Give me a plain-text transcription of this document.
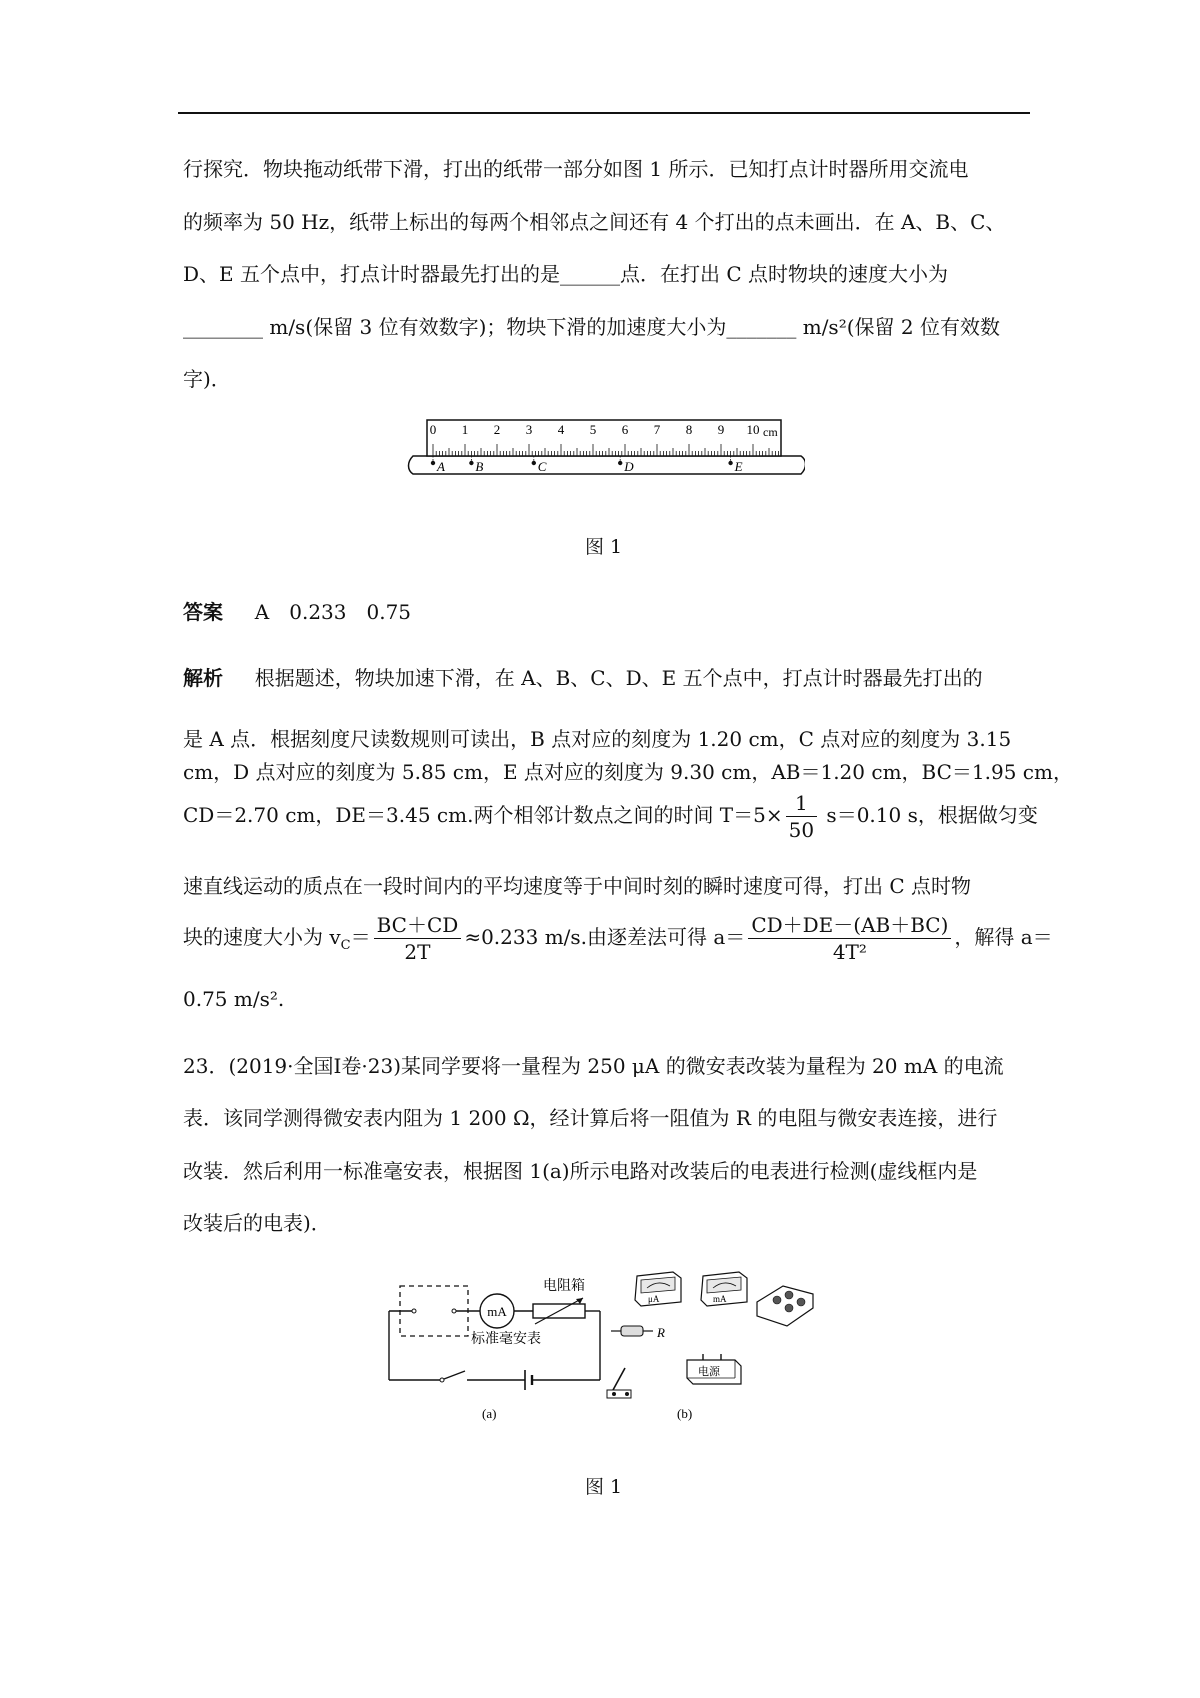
行探究．物块拖动纸带下滑，打出的纸带一部分如图 1 所示．已知打点计时器所用交流电
的频率为 50 Hz，纸带上标出的每两个相邻点之间还有 4 个打出的点未画出．在 A、B、C、
D、E 五个点中，打点计时器最先打出的是______点．在打出 C 点时物块的速度大小为
________ m/s(保留 3 位有效数字)；物块下滑的加速度大小为_______ m/s²(保留 2 位有效数
字)．
0 1 2 3 4 5 6 7 8 9 10 cm
A B	C	D	E
图 1
答案 A　0.233　0.75
解析 根据题述，物块加速下滑，在 A、B、C、D、E 五个点中，打点计时器最先打出的
是 A 点．根据刻度尺读数规则可读出，B 点对应的刻度为 1.20 cm，C 点对应的刻度为 3.15
cm，D 点对应的刻度为 5.85 cm，E 点对应的刻度为 9.30 cm，AB＝1.20 cm，BC＝1.95 cm，
CD＝2.70 cm，DE＝3.45 cm.两个相邻计数点之间的时间 $T=5\times \frac{1}{50} s=0.10$ s，根据做匀变
速直线运动的质点在一段时间内的平均速度等于中间时刻的瞬时速度可得，打出 C 点时物
块的速度大小为 $v_C= \frac{BC+CD}{2T} \approx 0.233$ m/s.由逐差法可得 $a= \frac{CD+DE-(AB+BC)}{\text{4T²}}$ ，解得 a＝
0.75 m/s².
23．(2019·全国Ⅰ卷·23)某同学要将一量程为 250 μA 的微安表改装为量程为 20 mA 的电流
表．该同学测得微安表内阻为 1 200 Ω，经计算后将一阻值为 R 的电阻与微安表连接，进行
改装．然后利用一标准毫安表，根据图 1(a)所示电路对改装后的电表进行检测(虚线框内是
改装后的电表)．
mA
电阻箱
标准毫安表
(a)
μA	mA
R
电源
(b)
图 1
